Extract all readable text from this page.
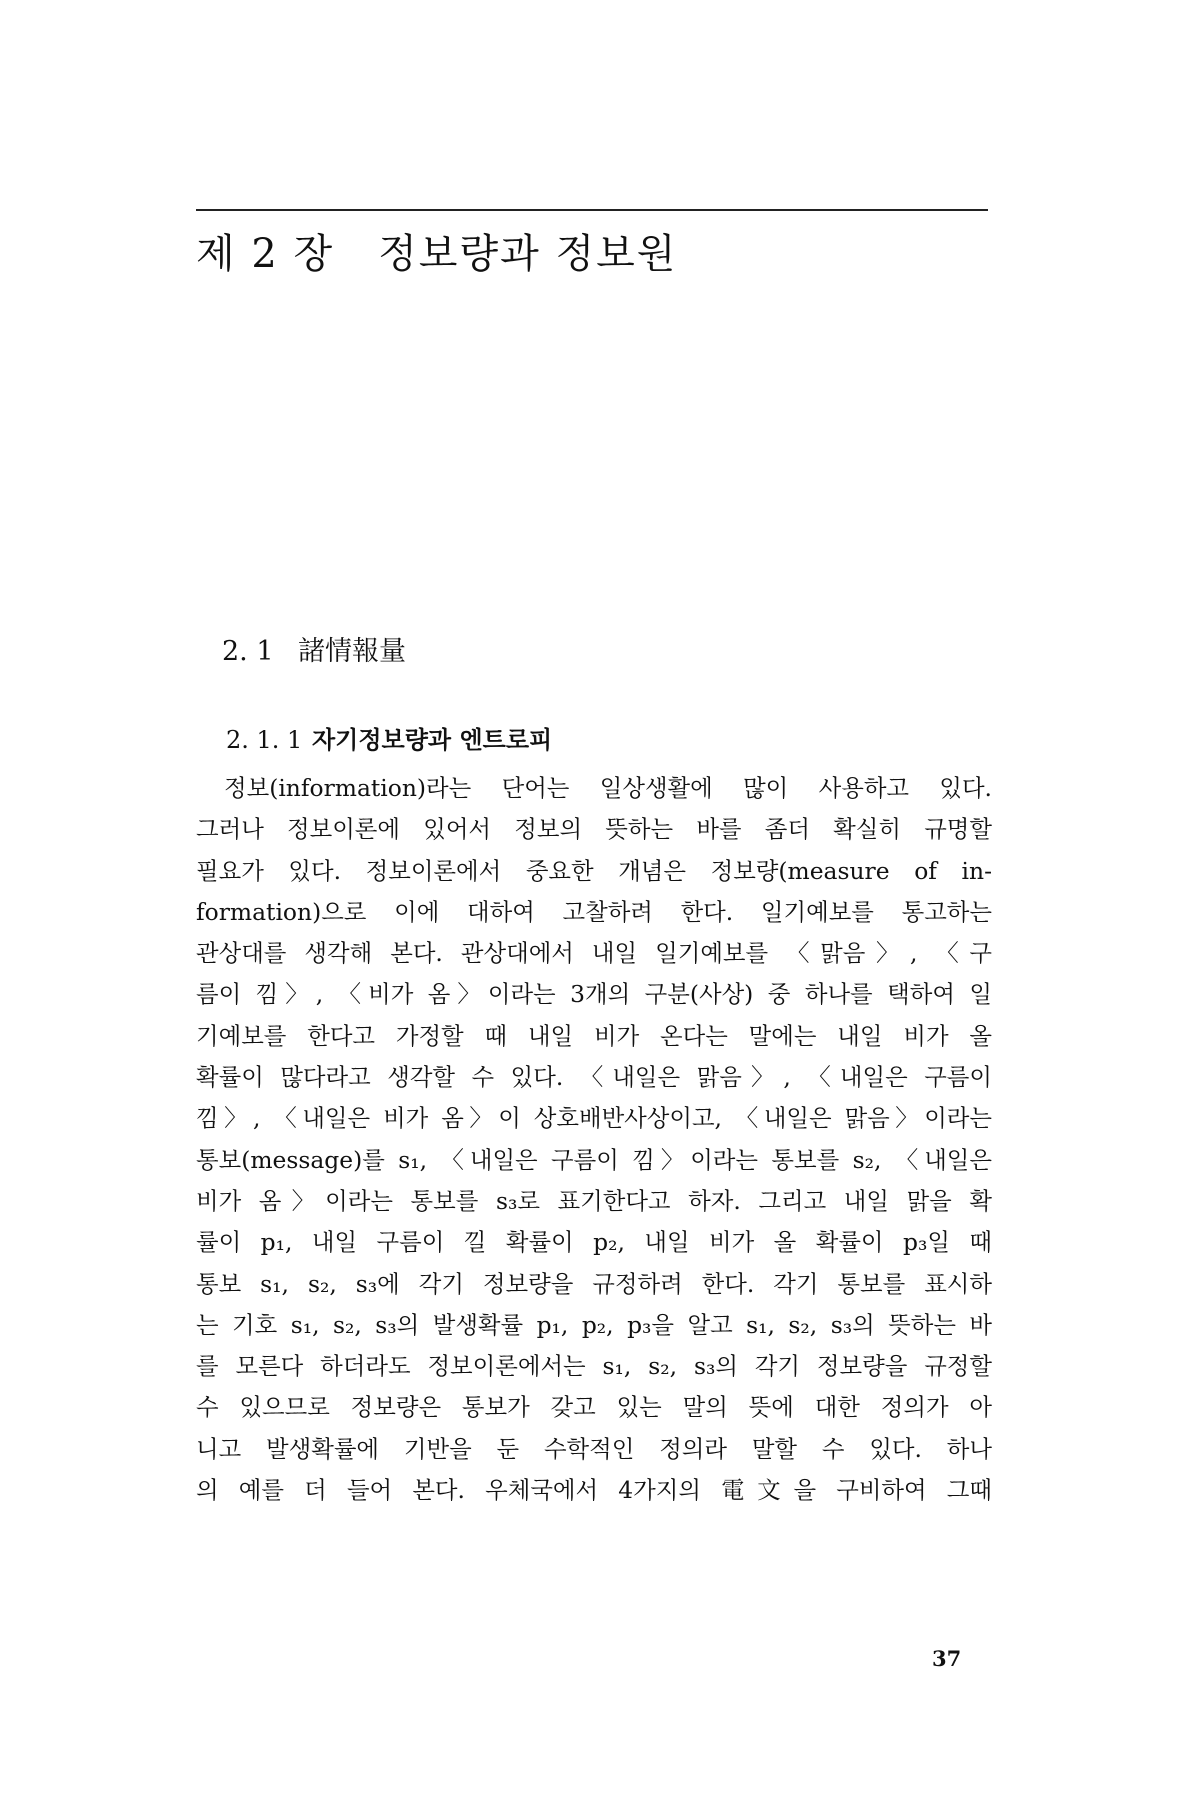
제 2 장 정보량과 정보원
2. 1 諸情報量
2. 1. 1 자기정보량과 엔트로피
정보(information)라는 단어는 일상생활에 많이 사용하고 있다.
그러나 정보이론에 있어서 정보의 뜻하는 바를 좀더 확실히 규명할
필요가 있다. 정보이론에서 중요한 개념은 정보량(measure of in-
formation)으로 이에 대하여 고찰하려 한다. 일기예보를 통고하는
관상대를 생각해 본다. 관상대에서 내일 일기예보를 〈맑음〉, 〈구
름이 낌〉, 〈비가 옴〉이라는 3개의 구분(사상) 중 하나를 택하여 일
기예보를 한다고 가정할 때 내일 비가 온다는 말에는 내일 비가 올
확률이 많다라고 생각할 수 있다. 〈내일은 맑음〉, 〈내일은 구름이
낌〉, 〈내일은 비가 옴〉이 상호배반사상이고, 〈내일은 맑음〉이라는
통보(message)를 s₁, 〈내일은 구름이 낌〉이라는 통보를 s₂, 〈내일은
비가 옴〉이라는 통보를 s₃로 표기한다고 하자. 그리고 내일 맑을 확
률이 p₁, 내일 구름이 낄 확률이 p₂, 내일 비가 올 확률이 p₃일 때
통보 s₁, s₂, s₃에 각기 정보량을 규정하려 한다. 각기 통보를 표시하
는 기호 s₁, s₂, s₃의 발생확률 p₁, p₂, p₃을 알고 s₁, s₂, s₃의 뜻하는 바
를 모른다 하더라도 정보이론에서는 s₁, s₂, s₃의 각기 정보량을 규정할
수 있으므로 정보량은 통보가 갖고 있는 말의 뜻에 대한 정의가 아
니고 발생확률에 기반을 둔 수학적인 정의라 말할 수 있다. 하나
의 예를 더 들어 본다. 우체국에서 4가지의 電文을 구비하여 그때
37
